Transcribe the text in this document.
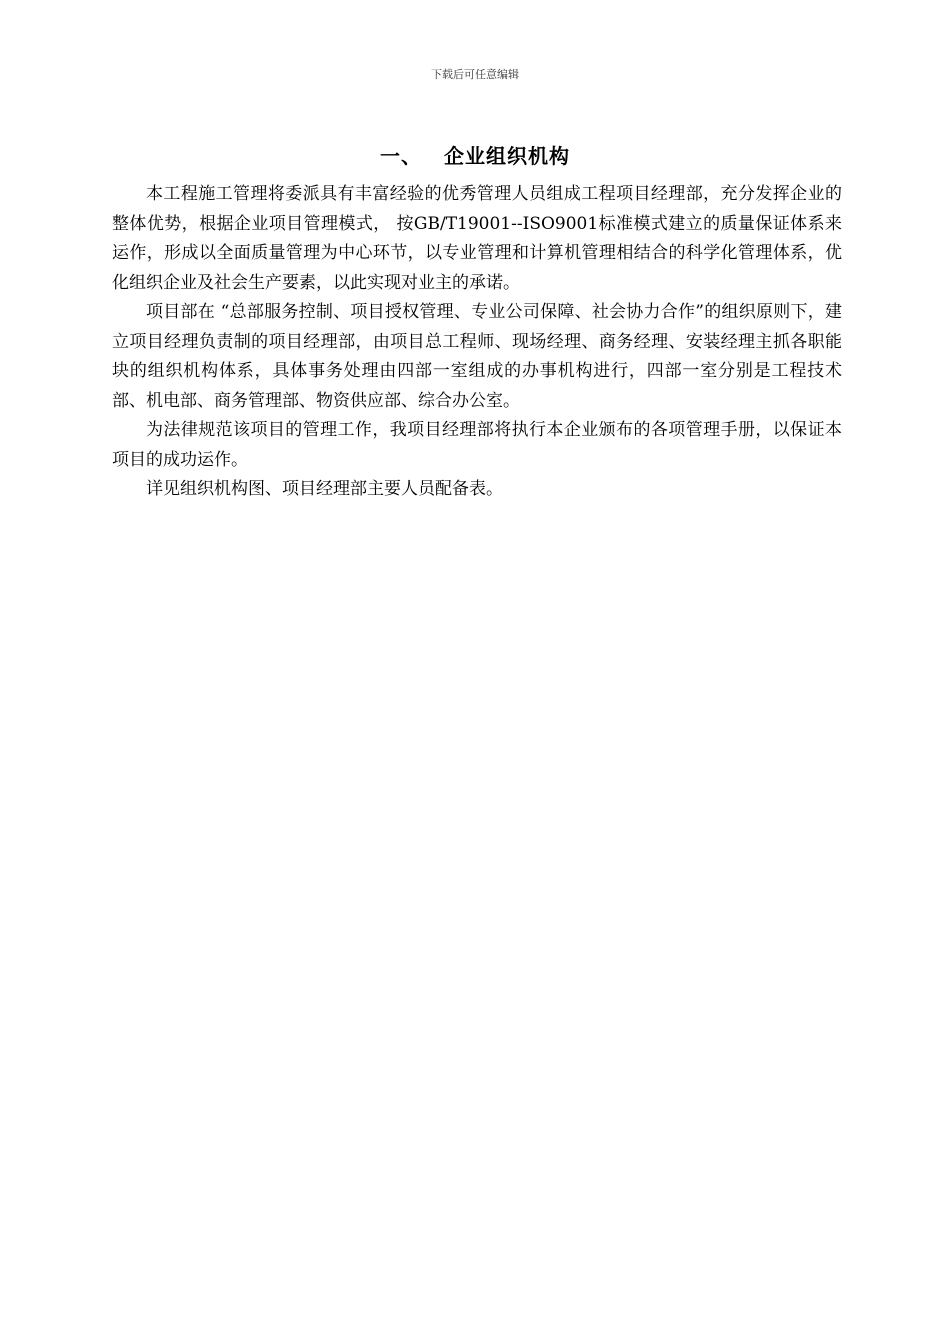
下载后可任意编辑
一、 企业组织机构

本工程施工管理将委派具有丰富经验的优秀管理人员组成工程项目经理部，充分发挥企业的整体优势，根据企业项目管理模式， 按GB/T19001--ISO9001标准模式建立的质量保证体系来运作，形成以全面质量管理为中心环节，以专业管理和计算机管理相结合的科学化管理体系，优化组织企业及社会生产要素，以此实现对业主的承诺。

项目部在 “总部服务控制、项目授权管理、专业公司保障、社会协力合作”的组织原则下，建立项目经理负责制的项目经理部，由项目总工程师、现场经理、商务经理、安装经理主抓各职能块的组织机构体系，具体事务处理由四部一室组成的办事机构进行，四部一室分别是工程技术部、机电部、商务管理部、物资供应部、综合办公室。

为法律规范该项目的管理工作，我项目经理部将执行本企业颁布的各项管理手册，以保证本项目的成功运作。

详见组织机构图、项目经理部主要人员配备表。
